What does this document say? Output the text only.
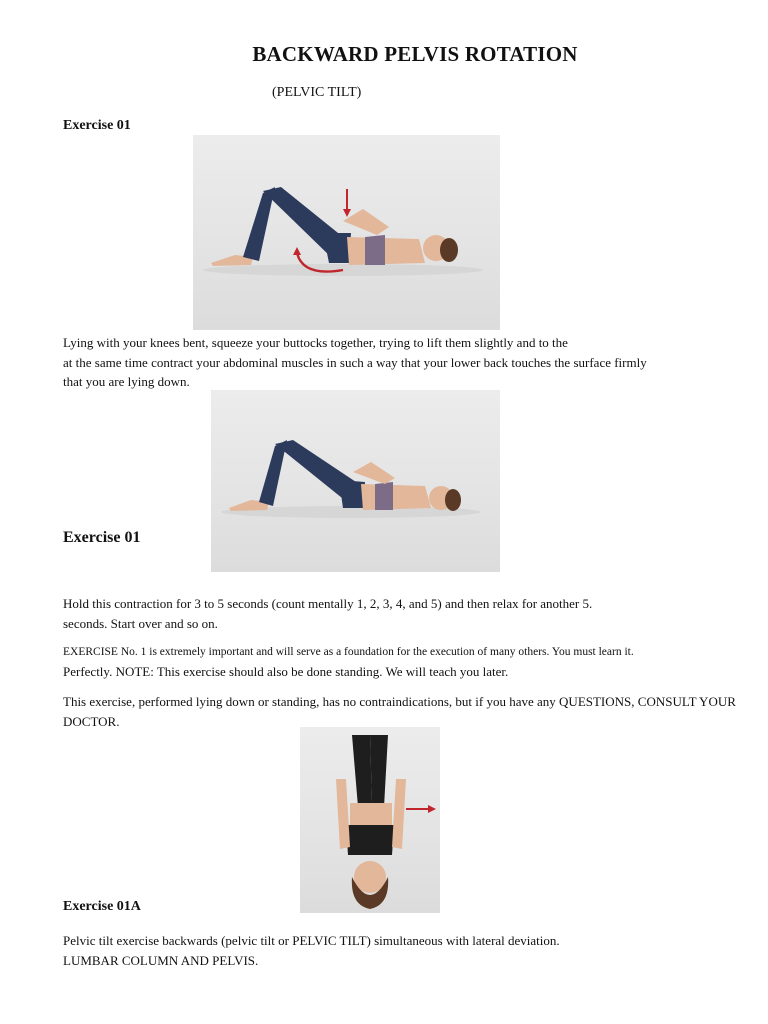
BACKWARD PELVIS ROTATION
(PELVIC TILT)
Exercise 01
Lying with your knees bent, squeeze your buttocks together, trying to lift them slightly and to the
at the same time contract your abdominal muscles in such a way that your lower back touches the surface firmly
that you are lying down.
Exercise 01
Hold this contraction for 3 to 5 seconds (count mentally 1, 2, 3, 4, and 5) and then relax for another 5.
seconds. Start over and so on.
EXERCISE No. 1 is extremely important and will serve as a foundation for the execution of many others. You must learn it.
Perfectly. NOTE: This exercise should also be done standing. We will teach you later.
This exercise, performed lying down or standing, has no contraindications, but if you have any QUESTIONS, CONSULT YOUR DOCTOR.
Exercise 01A
Pelvic tilt exercise backwards (pelvic tilt or PELVIC TILT) simultaneous with lateral deviation.
LUMBAR COLUMN AND PELVIS.
